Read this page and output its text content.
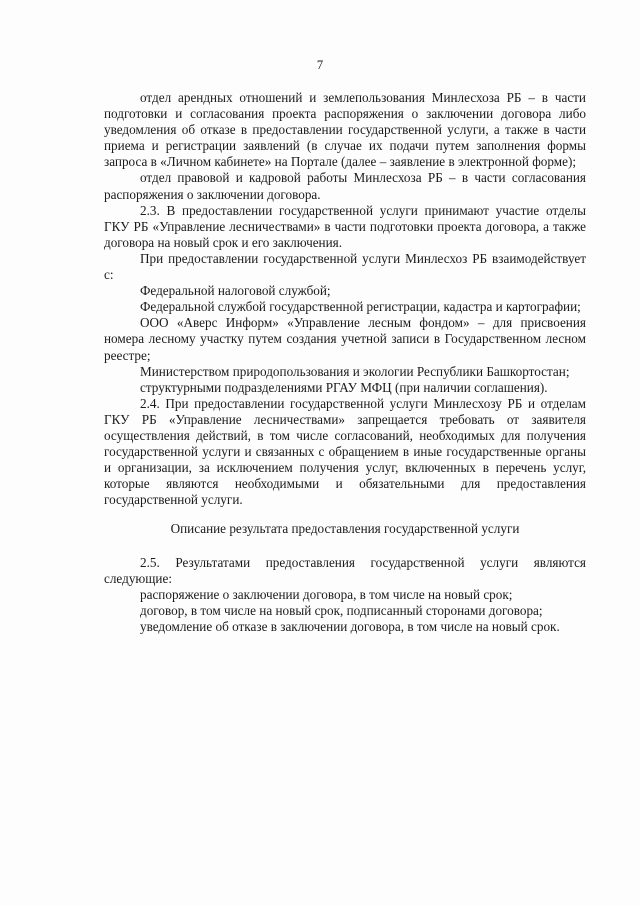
7

отдел арендных отношений и землепользования Минлесхоза РБ – в части подготовки и согласования проекта распоряжения о заключении договора либо уведомления об отказе в предоставлении государственной услуги, а также в части приема и регистрации заявлений (в случае их подачи путем заполнения формы запроса в «Личном кабинете» на Портале (далее – заявление в электронной форме);

отдел правовой и кадровой работы Минлесхоза РБ – в части согласования распоряжения о заключении договора.

2.3. В предоставлении государственной услуги принимают участие отделы ГКУ РБ «Управление лесничествами» в части подготовки проекта договора, а также договора на новый срок и его заключения.

При предоставлении государственной услуги Минлесхоз РБ взаимодействует с:

Федеральной налоговой службой;

Федеральной службой государственной регистрации, кадастра и картографии;

ООО «Аверс Информ» «Управление лесным фондом» – для присвоения номера лесному участку путем создания учетной записи в Государственном лесном реестре;

Министерством природопользования и экологии Республики Башкортостан;

структурными подразделениями РГАУ МФЦ (при наличии соглашения).

2.4. При предоставлении государственной услуги Минлесхозу РБ и отделам ГКУ РБ «Управление лесничествами» запрещается требовать от заявителя осуществления действий, в том числе согласований, необходимых для получения государственной услуги и связанных с обращением в иные государственные органы и организации, за исключением получения услуг, включенных в перечень услуг, которые являются необходимыми и обязательными для предоставления государственной услуги.

Описание результата предоставления государственной услуги

2.5. Результатами предоставления государственной услуги являются следующие:

распоряжение о заключении договора, в том числе на новый срок;

договор, в том числе на новый срок, подписанный сторонами договора;

уведомление об отказе в заключении договора, в том числе на новый срок.
